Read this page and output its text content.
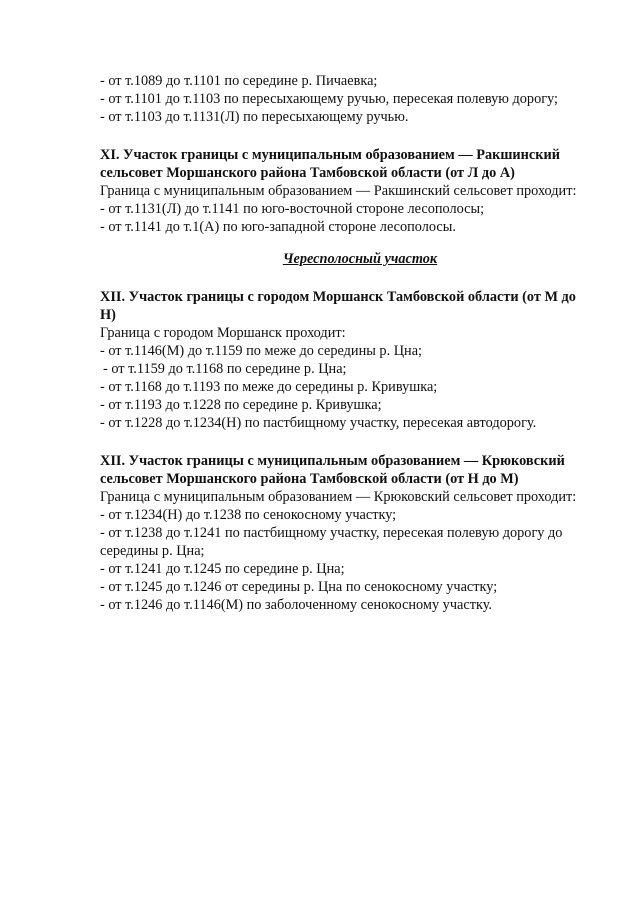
- от т.1089 до т.1101 по середине р. Пичаевка;
- от т.1101 до т.1103 по пересыхающему ручью, пересекая полевую дорогу;
- от т.1103 до т.1131(Л) по пересыхающему ручью.
XI. Участок границы с муниципальным образованием — Ракшинский
сельсовет Моршанского района Тамбовской области (от Л до А)
Граница с муниципальным образованием — Ракшинский сельсовет проходит:
- от т.1131(Л) до т.1141 по юго-восточной стороне лесополосы;
- от т.1141 до т.1(А) по юго-западной стороне лесополосы.
Чересполосный участок
XII. Участок границы с городом Моршанск Тамбовской области (от М до
Н)
Граница с городом Моршанск проходит:
- от т.1146(М) до т.1159 по меже до середины р. Цна;
- от т.1159 до т.1168 по середине р. Цна;
- от т.1168 до т.1193 по меже до середины р. Кривушка;
- от т.1193 до т.1228 по середине р. Кривушка;
- от т.1228 до т.1234(Н) по пастбищному участку, пересекая автодорогу.
XII. Участок границы с муниципальным образованием — Крюковский
сельсовет Моршанского района Тамбовской области (от Н до М)
Граница с муниципальным образованием — Крюковский сельсовет проходит:
- от т.1234(Н) до т.1238 по сенокосному участку;
- от т.1238 до т.1241 по пастбищному участку, пересекая полевую дорогу до
середины р. Цна;
- от т.1241 до т.1245 по середине р. Цна;
- от т.1245 до т.1246 от середины р. Цна по сенокосному участку;
- от т.1246 до т.1146(М) по заболоченному сенокосному участку.
